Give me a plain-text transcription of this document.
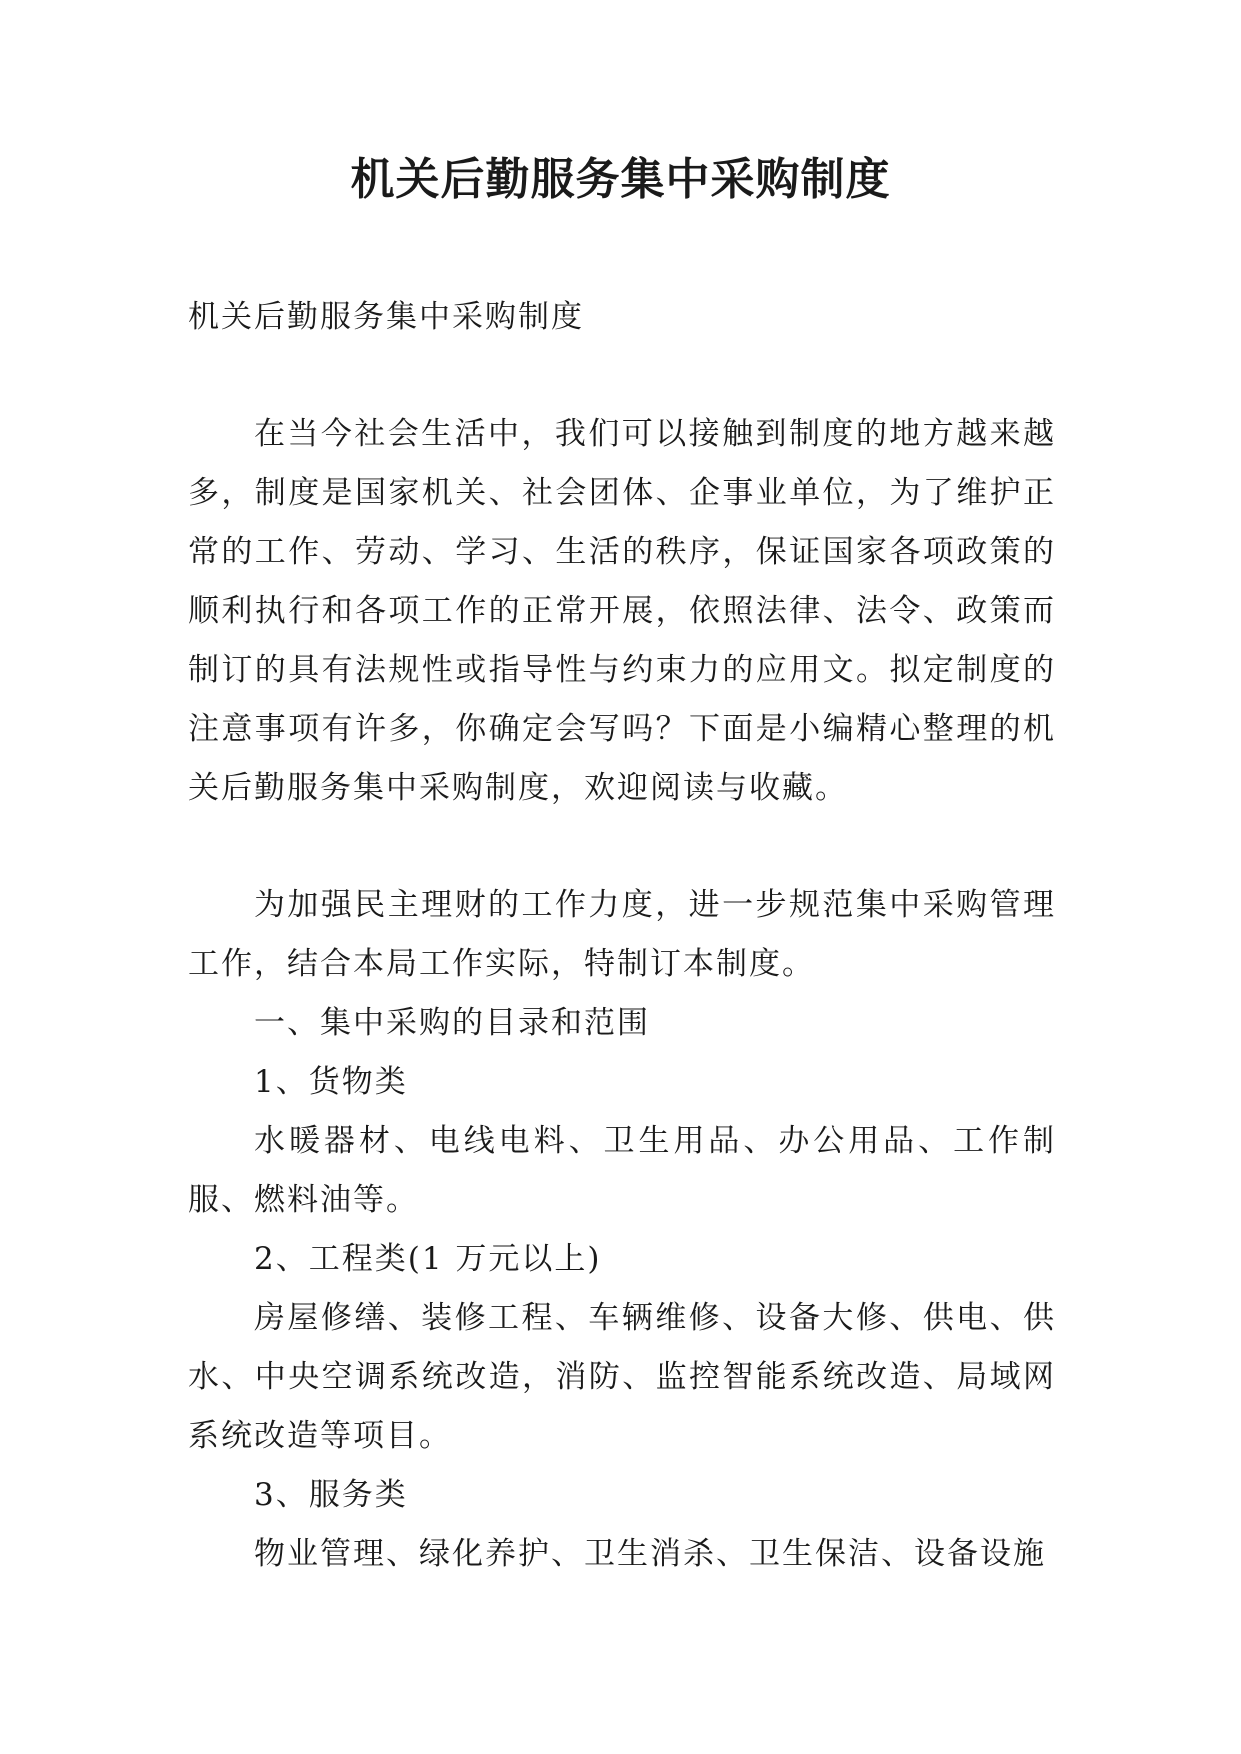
机关后勤服务集中采购制度

机关后勤服务集中采购制度

在当今社会生活中，我们可以接触到制度的地方越来越多，制度是国家机关、社会团体、企事业单位，为了维护正常的工作、劳动、学习、生活的秩序，保证国家各项政策的顺利执行和各项工作的正常开展，依照法律、法令、政策而制订的具有法规性或指导性与约束力的应用文。拟定制度的注意事项有许多，你确定会写吗？下面是小编精心整理的机关后勤服务集中采购制度，欢迎阅读与收藏。

为加强民主理财的工作力度，进一步规范集中采购管理工作，结合本局工作实际，特制订本制度。

一、集中采购的目录和范围

1、货物类

水暖器材、电线电料、卫生用品、办公用品、工作制服、燃料油等。

2、工程类(1 万元以上)

房屋修缮、装修工程、车辆维修、设备大修、供电、供水、中央空调系统改造，消防、监控智能系统改造、局域网系统改造等项目。

3、服务类

物业管理、绿化养护、卫生消杀、卫生保洁、设备设施
